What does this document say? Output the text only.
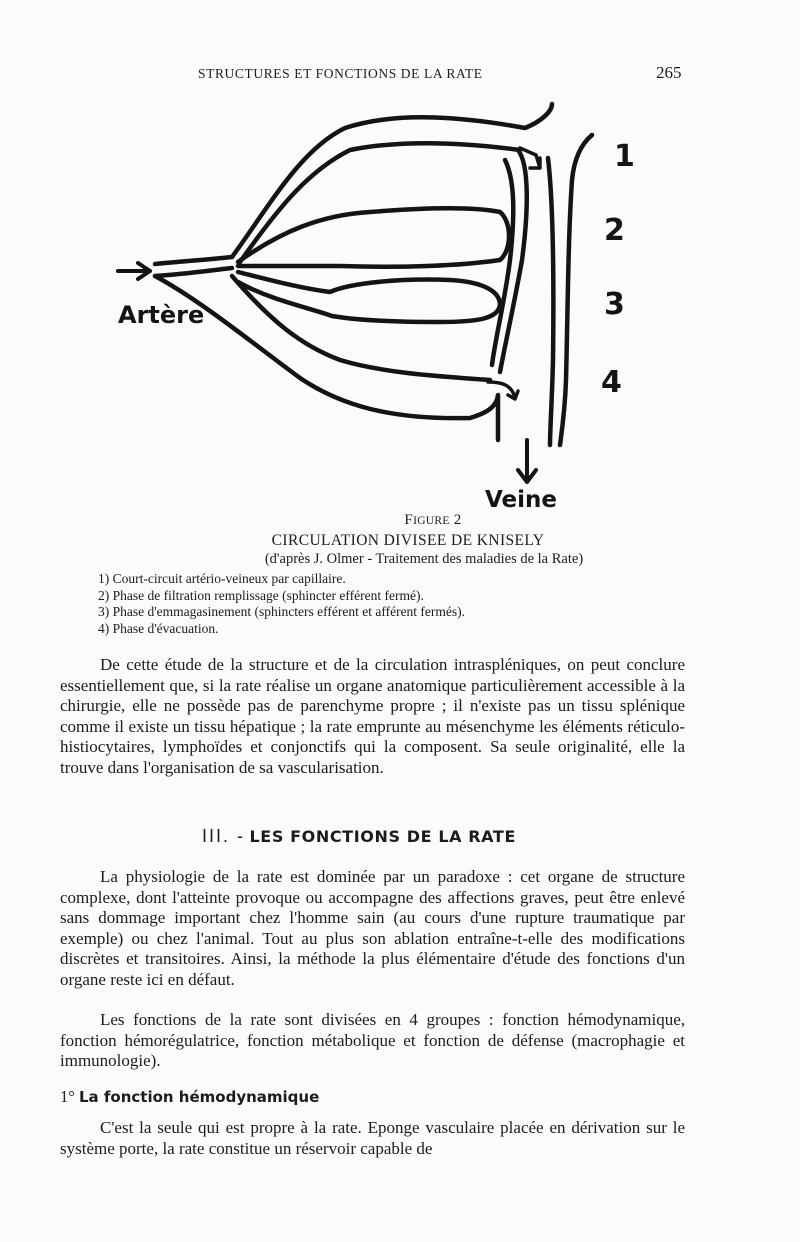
STRUCTURES ET FONCTIONS DE LA RATE	265
Artère
Veine
1
2
3
4
FIGURE 2
CIRCULATION DIVISEE DE KNISELY
(d'après J. Olmer - Traitement des maladies de la Rate)
1) Court-circuit artério-veineux par capillaire.
2) Phase de filtration remplissage (sphincter efférent fermé).
3) Phase d'emmagasinement (sphincters efférent et afférent fermés).
4) Phase d'évacuation.

De cette étude de la structure et de la circulation intraspléniques, on peut conclure essentiellement que, si la rate réalise un organe anatomique particulièrement accessible à la chirurgie, elle ne possède pas de parenchyme propre ; il n'existe pas un tissu splénique comme il existe un tissu hépatique ; la rate emprunte au mésenchyme les éléments réticulo-histiocytaires, lymphoïdes et conjonctifs qui la composent. Sa seule originalité, elle la trouve dans l'organisation de sa vascularisation.

III. - LES FONCTIONS DE LA RATE

La physiologie de la rate est dominée par un paradoxe : cet organe de structure complexe, dont l'atteinte provoque ou accompagne des affections graves, peut être enlevé sans dommage important chez l'homme sain (au cours d'une rupture traumatique par exemple) ou chez l'animal. Tout au plus son ablation entraîne-t-elle des modifications discrètes et transitoires. Ainsi, la méthode la plus élémentaire d'étude des fonctions d'un organe reste ici en défaut.

Les fonctions de la rate sont divisées en 4 groupes : fonction hémodynamique, fonction hémorégulatrice, fonction métabolique et fonction de défense (macrophagie et immunologie).

1° La fonction hémodynamique

C'est la seule qui est propre à la rate. Eponge vasculaire placée en dérivation sur le système porte, la rate constitue un réservoir capable de
